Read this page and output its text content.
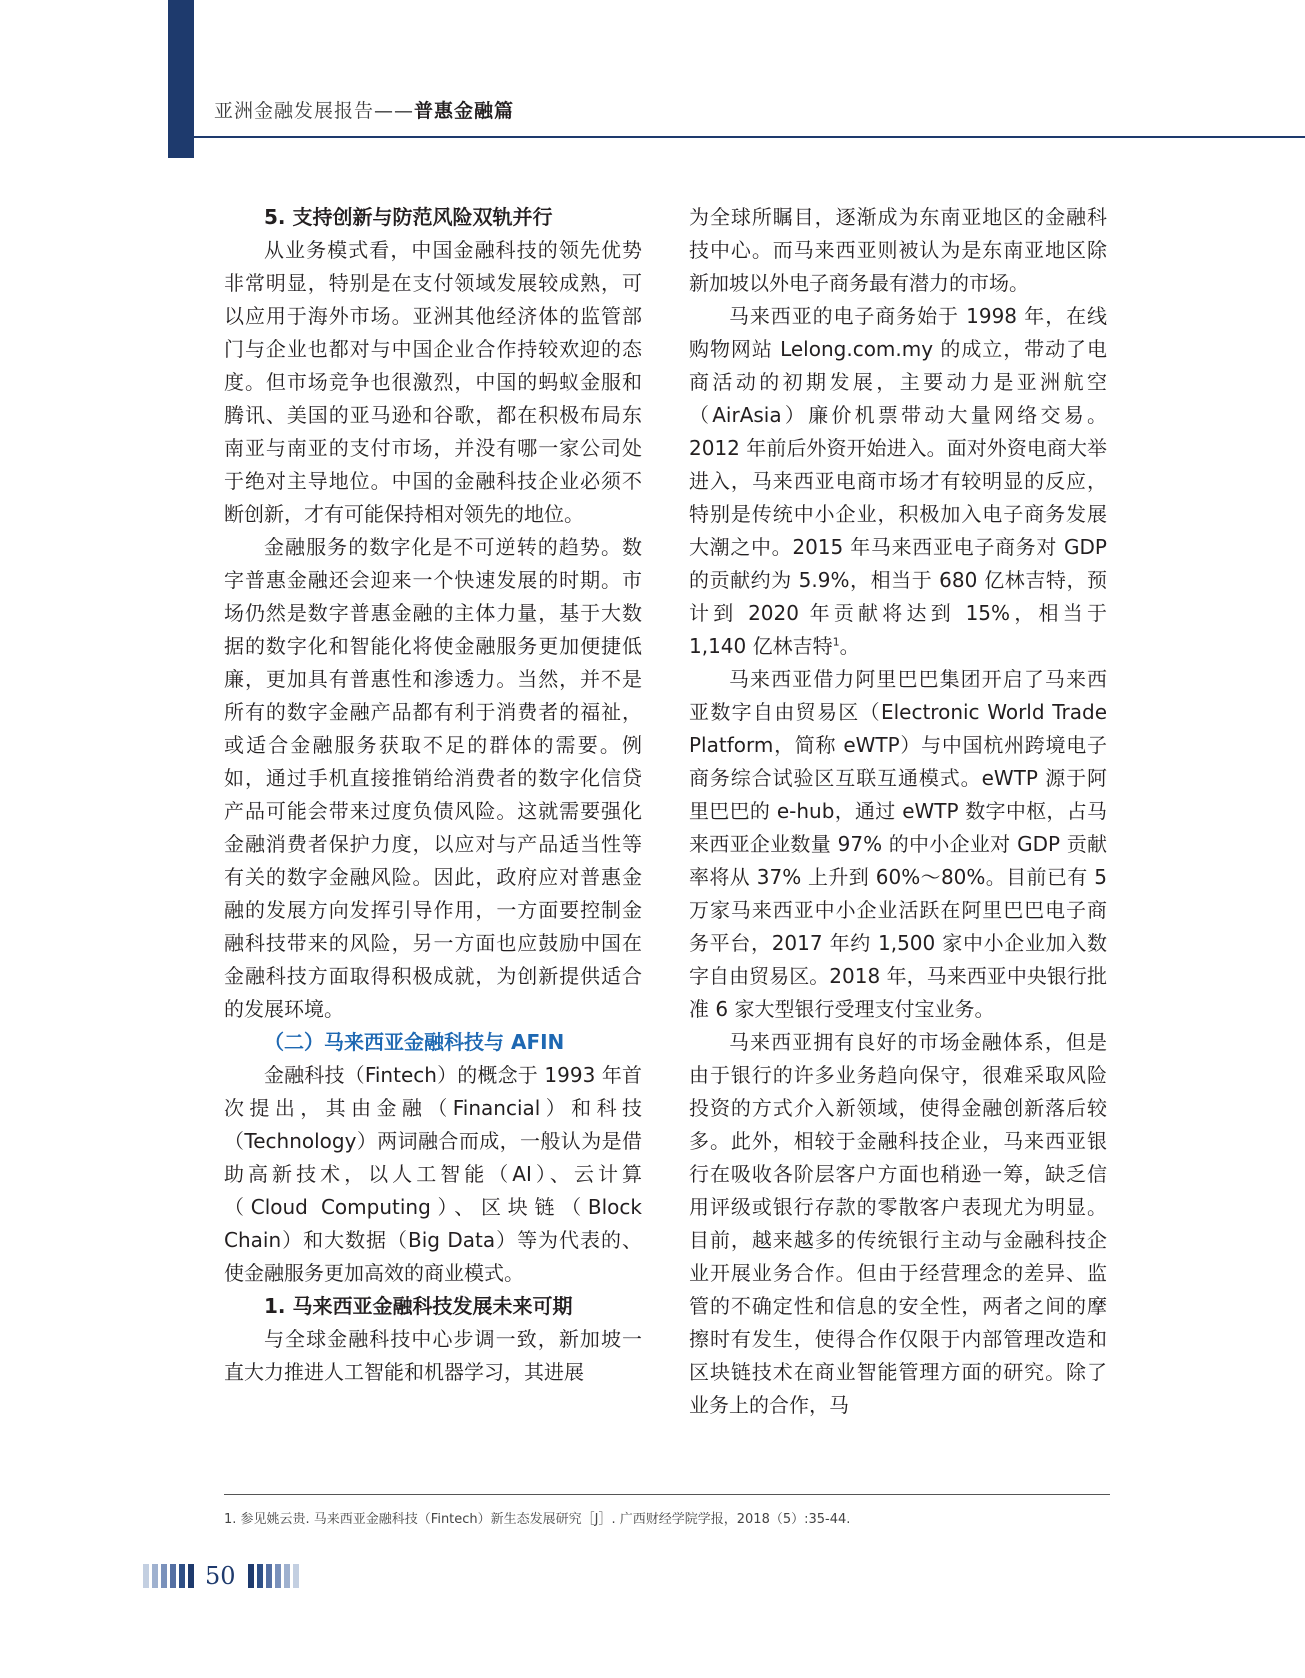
亚洲金融发展报告——普惠金融篇

5. 支持创新与防范风险双轨并行

从业务模式看，中国金融科技的领先优势非常明显，特别是在支付领域发展较成熟，可以应用于海外市场。亚洲其他经济体的监管部门与企业也都对与中国企业合作持较欢迎的态度。但市场竞争也很激烈，中国的蚂蚁金服和腾讯、美国的亚马逊和谷歌，都在积极布局东南亚与南亚的支付市场，并没有哪一家公司处于绝对主导地位。中国的金融科技企业必须不断创新，才有可能保持相对领先的地位。

金融服务的数字化是不可逆转的趋势。数字普惠金融还会迎来一个快速发展的时期。市场仍然是数字普惠金融的主体力量，基于大数据的数字化和智能化将使金融服务更加便捷低廉，更加具有普惠性和渗透力。当然，并不是所有的数字金融产品都有利于消费者的福祉，或适合金融服务获取不足的群体的需要。例如，通过手机直接推销给消费者的数字化信贷产品可能会带来过度负债风险。这就需要强化金融消费者保护力度，以应对与产品适当性等有关的数字金融风险。因此，政府应对普惠金融的发展方向发挥引导作用，一方面要控制金融科技带来的风险，另一方面也应鼓励中国在金融科技方面取得积极成就，为创新提供适合的发展环境。

（二）马来西亚金融科技与 AFIN

金融科技（Fintech）的概念于 1993 年首次提出，其由金融（Financial）和科技（Technology）两词融合而成，一般认为是借助高新技术，以人工智能（AI）、云计算（Cloud Computing）、区块链（Block Chain）和大数据（Big Data）等为代表的、使金融服务更加高效的商业模式。

1. 马来西亚金融科技发展未来可期

与全球金融科技中心步调一致，新加坡一直大力推进人工智能和机器学习，其进展

为全球所瞩目，逐渐成为东南亚地区的金融科技中心。而马来西亚则被认为是东南亚地区除新加坡以外电子商务最有潜力的市场。

马来西亚的电子商务始于 1998 年，在线购物网站 Lelong.com.my 的成立，带动了电商活动的初期发展，主要动力是亚洲航空（AirAsia）廉价机票带动大量网络交易。2012 年前后外资开始进入。面对外资电商大举进入，马来西亚电商市场才有较明显的反应，特别是传统中小企业，积极加入电子商务发展大潮之中。2015 年马来西亚电子商务对 GDP 的贡献约为 5.9%，相当于 680 亿林吉特，预计到 2020 年贡献将达到 15%，相当于 1,140 亿林吉特$^1$。

马来西亚借力阿里巴巴集团开启了马来西亚数字自由贸易区（Electronic World Trade Platform，简称 eWTP）与中国杭州跨境电子商务综合试验区互联互通模式。eWTP 源于阿里巴巴的 e-hub，通过 eWTP 数字中枢，占马来西亚企业数量 97% 的中小企业对 GDP 贡献率将从 37% 上升到 60%～80%。目前已有 5 万家马来西亚中小企业活跃在阿里巴巴电子商务平台，2017 年约 1,500 家中小企业加入数字自由贸易区。2018 年，马来西亚中央银行批准 6 家大型银行受理支付宝业务。

马来西亚拥有良好的市场金融体系，但是由于银行的许多业务趋向保守，很难采取风险投资的方式介入新领域，使得金融创新落后较多。此外，相较于金融科技企业，马来西亚银行在吸收各阶层客户方面也稍逊一筹，缺乏信用评级或银行存款的零散客户表现尤为明显。目前，越来越多的传统银行主动与金融科技企业开展业务合作。但由于经营理念的差异、监管的不确定性和信息的安全性，两者之间的摩擦时有发生，使得合作仅限于内部管理改造和区块链技术在商业智能管理方面的研究。除了业务上的合作，马

1. 参见姚云贵. 马来西亚金融科技（Fintech）新生态发展研究［J］. 广西财经学院学报，2018（5）:35-44.
50
